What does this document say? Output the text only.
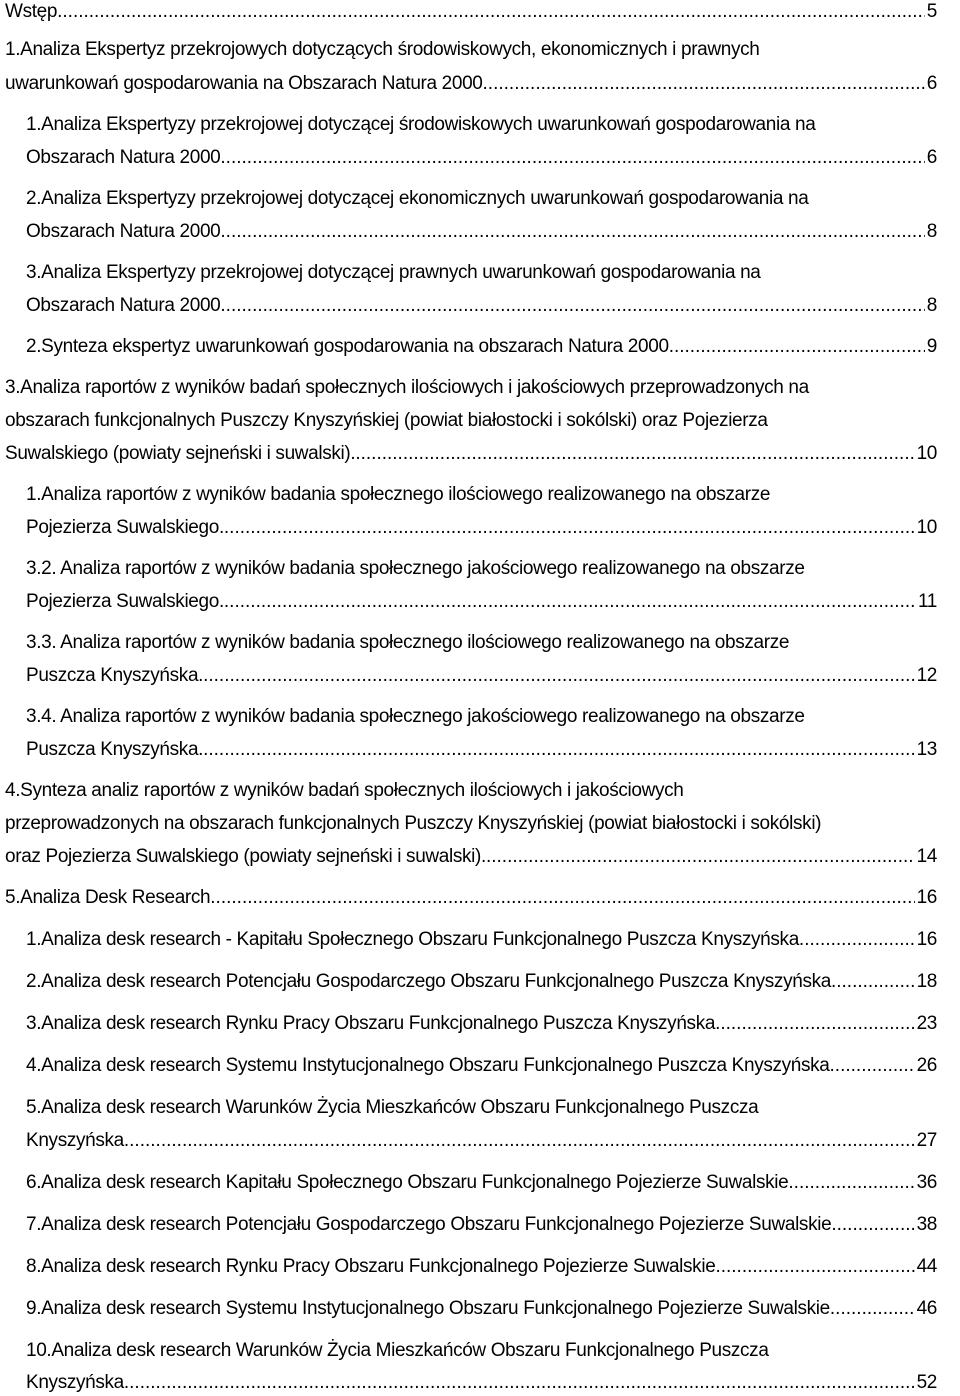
Wstęp .....	5
1.Analiza Ekspertyz przekrojowych dotyczących środowiskowych, ekonomicznych i prawnych
uwarunkowań gospodarowania na Obszarach Natura 2000 .....	6
1.Analiza Ekspertyzy przekrojowej dotyczącej środowiskowych uwarunkowań gospodarowania na
Obszarach Natura 2000 .....	6
2.Analiza Ekspertyzy przekrojowej dotyczącej ekonomicznych uwarunkowań gospodarowania na
Obszarach Natura 2000 .....	8
3.Analiza Ekspertyzy przekrojowej dotyczącej prawnych uwarunkowań gospodarowania na
Obszarach Natura 2000 .....	8
2.Synteza ekspertyz uwarunkowań gospodarowania na obszarach Natura 2000 .....	9
3.Analiza raportów z wyników badań społecznych ilościowych i jakościowych przeprowadzonych na
obszarach funkcjonalnych Puszczy Knyszyńskiej (powiat białostocki i sokólski) oraz Pojezierza
Suwalskiego (powiaty sejneński i suwalski). .....	10
1.Analiza raportów z wyników badania społecznego ilościowego realizowanego na obszarze
Pojezierza Suwalskiego. .....	10
3.2. Analiza raportów z wyników badania społecznego jakościowego realizowanego na obszarze
Pojezierza Suwalskiego. .....	11
3.3. Analiza raportów z wyników badania społecznego ilościowego realizowanego na obszarze
Puszcza Knyszyńska. .....	12
3.4. Analiza raportów z wyników badania społecznego jakościowego realizowanego na obszarze
Puszcza Knyszyńska. .....	13
4.Synteza analiz raportów z wyników badań społecznych ilościowych i jakościowych
przeprowadzonych na obszarach funkcjonalnych Puszczy Knyszyńskiej (powiat białostocki i sokólski)
oraz Pojezierza Suwalskiego (powiaty sejneński i suwalski). .....	14
5.Analiza Desk Research .....	16
1.Analiza desk research - Kapitału Społecznego Obszaru Funkcjonalnego Puszcza Knyszyńska .....	16
2.Analiza desk research Potencjału Gospodarczego Obszaru Funkcjonalnego Puszcza Knyszyńska .....	18
3.Analiza desk research Rynku Pracy Obszaru Funkcjonalnego Puszcza Knyszyńska .....	23
4.Analiza desk research Systemu Instytucjonalnego Obszaru Funkcjonalnego Puszcza Knyszyńska .....	26
5.Analiza desk research Warunków Życia Mieszkańców Obszaru Funkcjonalnego Puszcza
Knyszyńska .....	27
6.Analiza desk research Kapitału Społecznego Obszaru Funkcjonalnego Pojezierze Suwalskie .....	36
7.Analiza desk research Potencjału Gospodarczego Obszaru Funkcjonalnego Pojezierze Suwalskie .....	38
8.Analiza desk research Rynku Pracy Obszaru Funkcjonalnego Pojezierze Suwalskie .....	44
9.Analiza desk research Systemu Instytucjonalnego Obszaru Funkcjonalnego Pojezierze Suwalskie .....	46
10.Analiza desk research Warunków Życia Mieszkańców Obszaru Funkcjonalnego Puszcza
Knyszyńska .....	52
